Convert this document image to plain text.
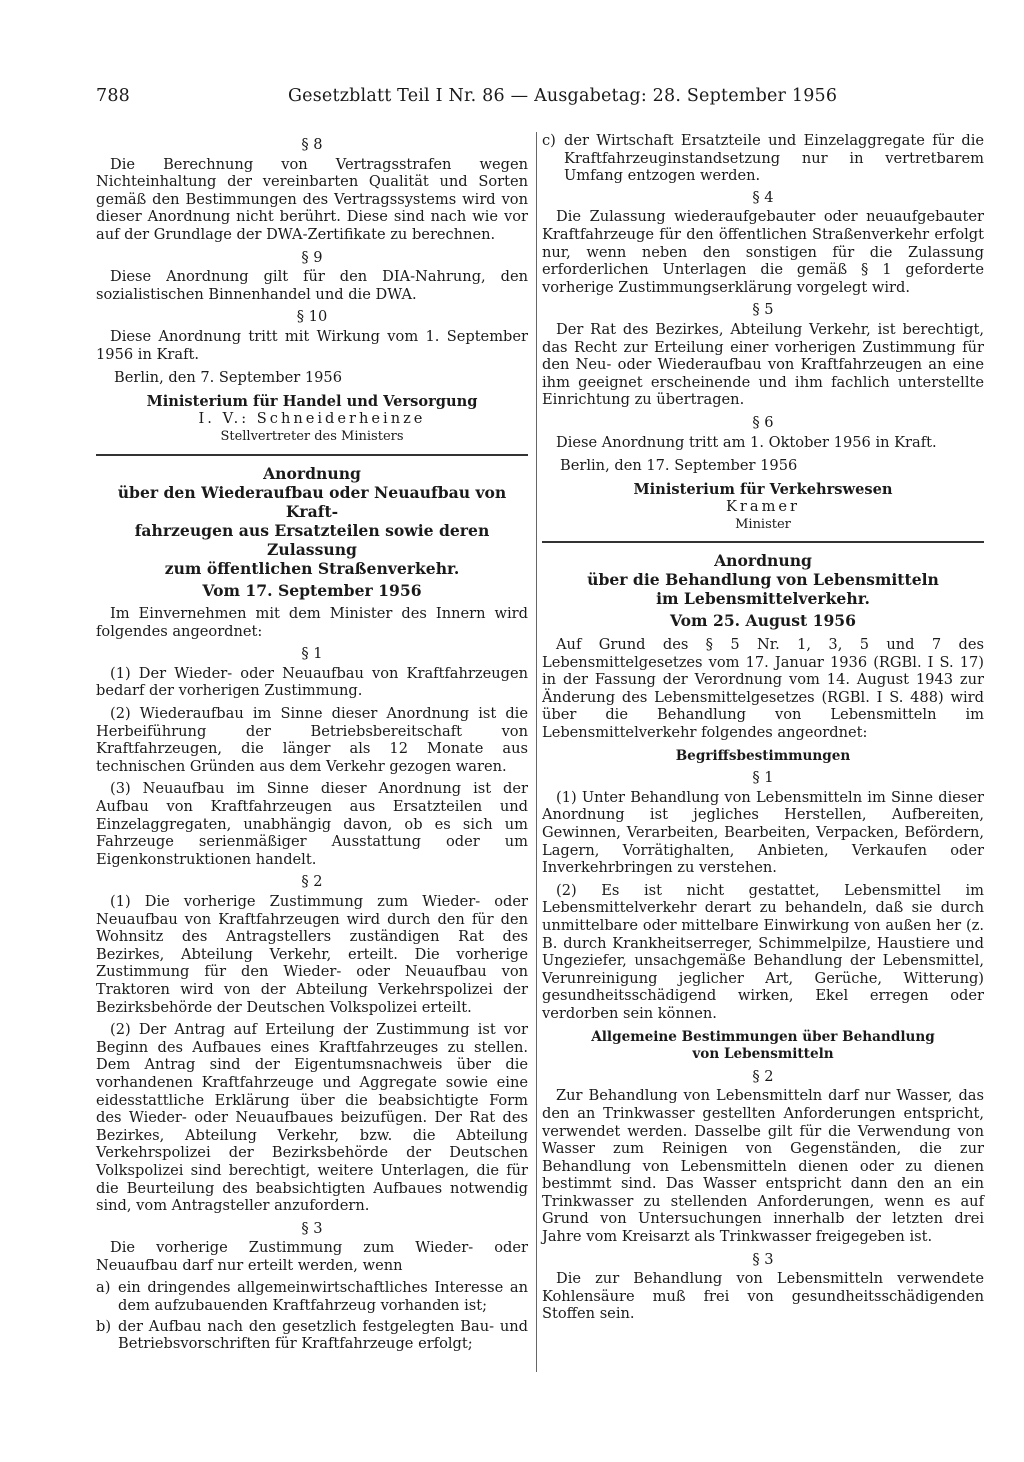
788	Gesetzblatt Teil I Nr. 86 — Ausgabetag: 28. September 1956
§ 8

Die Berechnung von Vertragsstrafen wegen Nichteinhaltung der vereinbarten Qualität und Sorten gemäß den Bestimmungen des Vertragssystems wird von dieser Anordnung nicht berührt. Diese sind nach wie vor auf der Grundlage der DWA-Zertifikate zu berechnen.

§ 9

Diese Anordnung gilt für den DIA-Nahrung, den sozialistischen Binnenhandel und die DWA.

§ 10

Diese Anordnung tritt mit Wirkung vom 1. September 1956 in Kraft.

Berlin, den 7. September 1956

Ministerium für Handel und Versorgung
I. V.: Schneiderheinze
Stellvertreter des Ministers
Anordnung
über den Wiederaufbau oder Neuaufbau von Kraft-
fahrzeugen aus Ersatzteilen sowie deren Zulassung
zum öffentlichen Straßenverkehr.
Vom 17. September 1956

Im Einvernehmen mit dem Minister des Innern wird folgendes angeordnet:

§ 1

(1) Der Wieder- oder Neuaufbau von Kraftfahrzeugen bedarf der vorherigen Zustimmung.

(2) Wiederaufbau im Sinne dieser Anordnung ist die Herbeiführung der Betriebsbereitschaft von Kraftfahrzeugen, die länger als 12 Monate aus technischen Gründen aus dem Verkehr gezogen waren.

(3) Neuaufbau im Sinne dieser Anordnung ist der Aufbau von Kraftfahrzeugen aus Ersatzteilen und Einzelaggregaten, unabhängig davon, ob es sich um Fahrzeuge serienmäßiger Ausstattung oder um Eigenkonstruktionen handelt.

§ 2

(1) Die vorherige Zustimmung zum Wieder- oder Neuaufbau von Kraftfahrzeugen wird durch den für den Wohnsitz des Antragstellers zuständigen Rat des Bezirkes, Abteilung Verkehr, erteilt. Die vorherige Zustimmung für den Wieder- oder Neuaufbau von Traktoren wird von der Abteilung Verkehrspolizei der Bezirksbehörde der Deutschen Volkspolizei erteilt.

(2) Der Antrag auf Erteilung der Zustimmung ist vor Beginn des Aufbaues eines Kraftfahrzeuges zu stellen. Dem Antrag sind der Eigentumsnachweis über die vorhandenen Kraftfahrzeuge und Aggregate sowie eine eidesstattliche Erklärung über die beabsichtigte Form des Wieder- oder Neuaufbaues beizufügen. Der Rat des Bezirkes, Abteilung Verkehr, bzw. die Abteilung Verkehrspolizei der Bezirksbehörde der Deutschen Volkspolizei sind berechtigt, weitere Unterlagen, die für die Beurteilung des beabsichtigten Aufbaues notwendig sind, vom Antragsteller anzufordern.

§ 3

Die vorherige Zustimmung zum Wieder- oder Neuaufbau darf nur erteilt werden, wenn

a) ein dringendes allgemeinwirtschaftliches Interesse an dem aufzubauenden Kraftfahrzeug vorhanden ist;
b) der Aufbau nach den gesetzlich festgelegten Bau- und Betriebsvorschriften für Kraftfahrzeuge erfolgt;
c) der Wirtschaft Ersatzteile und Einzelaggregate für die Kraftfahrzeuginstandsetzung nur in vertretbarem Umfang entzogen werden.
§ 4

Die Zulassung wiederaufgebauter oder neuaufgebauter Kraftfahrzeuge für den öffentlichen Straßenverkehr erfolgt nur, wenn neben den sonstigen für die Zulassung erforderlichen Unterlagen die gemäß § 1 geforderte vorherige Zustimmungserklärung vorgelegt wird.

§ 5

Der Rat des Bezirkes, Abteilung Verkehr, ist berechtigt, das Recht zur Erteilung einer vorherigen Zustimmung für den Neu- oder Wiederaufbau von Kraftfahrzeugen an eine ihm geeignet erscheinende und ihm fachlich unterstellte Einrichtung zu übertragen.

§ 6

Diese Anordnung tritt am 1. Oktober 1956 in Kraft.

Berlin, den 17. September 1956

Ministerium für Verkehrswesen
Kramer
Minister
Anordnung
über die Behandlung von Lebensmitteln
im Lebensmittelverkehr.
Vom 25. August 1956

Auf Grund des § 5 Nr. 1, 3, 5 und 7 des Lebensmittelgesetzes vom 17. Januar 1936 (RGBl. I S. 17) in der Fassung der Verordnung vom 14. August 1943 zur Änderung des Lebensmittelgesetzes (RGBl. I S. 488) wird über die Behandlung von Lebensmitteln im Lebensmittelverkehr folgendes angeordnet:

Begriffsbestimmungen
§ 1

(1) Unter Behandlung von Lebensmitteln im Sinne dieser Anordnung ist jegliches Herstellen, Aufbereiten, Gewinnen, Verarbeiten, Bearbeiten, Verpacken, Befördern, Lagern, Vorrätighalten, Anbieten, Verkaufen oder Inverkehrbringen zu verstehen.

(2) Es ist nicht gestattet, Lebensmittel im Lebensmittelverkehr derart zu behandeln, daß sie durch unmittelbare oder mittelbare Einwirkung von außen her (z. B. durch Krankheitserreger, Schimmelpilze, Haustiere und Ungeziefer, unsachgemäße Behandlung der Lebensmittel, Verunreinigung jeglicher Art, Gerüche, Witterung) gesundheitsschädigend wirken, Ekel erregen oder verdorben sein können.

Allgemeine Bestimmungen über Behandlung
von Lebensmitteln
§ 2

Zur Behandlung von Lebensmitteln darf nur Wasser, das den an Trinkwasser gestellten Anforderungen entspricht, verwendet werden. Dasselbe gilt für die Verwendung von Wasser zum Reinigen von Gegenständen, die zur Behandlung von Lebensmitteln dienen oder zu dienen bestimmt sind. Das Wasser entspricht dann den an ein Trinkwasser zu stellenden Anforderungen, wenn es auf Grund von Untersuchungen innerhalb der letzten drei Jahre vom Kreisarzt als Trinkwasser freigegeben ist.

§ 3

Die zur Behandlung von Lebensmitteln verwendete Kohlensäure muß frei von gesundheitsschädigenden Stoffen sein.
